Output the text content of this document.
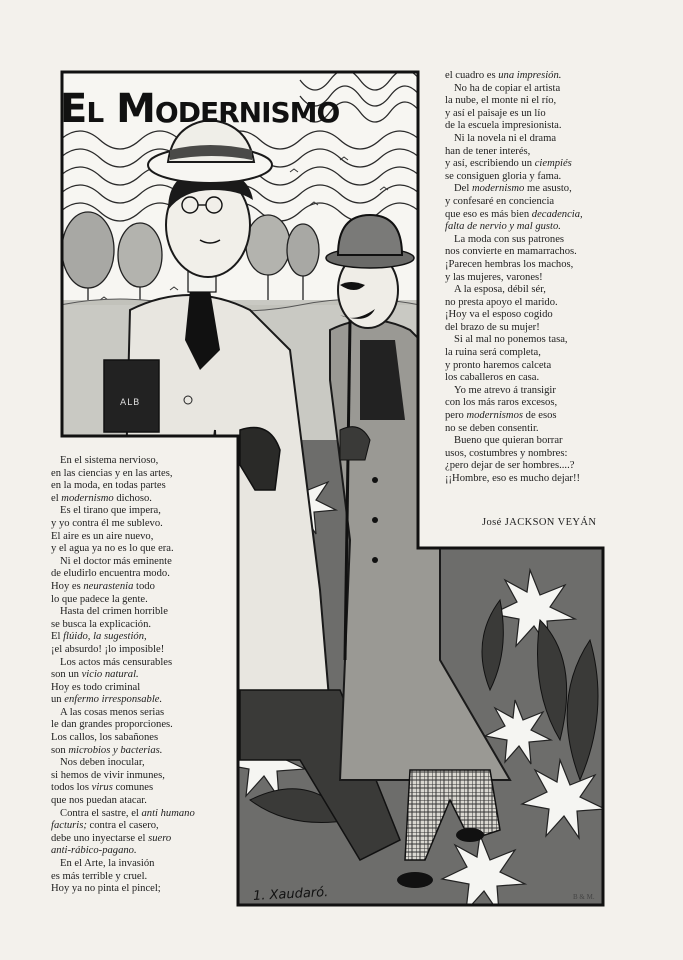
El Modernismo
ALB
1. Xaudaró.	B & M.
el cuadro es una impresión.
No ha de copiar el artista
la nube, el monte ni el río,
y así el paisaje es un lío
de la escuela impresionista.
Ni la novela ni el drama
han de tener interés,
y así, escribiendo un ciempiés
se consiguen gloria y fama.
Del modernismo me asusto,
y confesaré en conciencia
que eso es más bien decadencia,
falta de nervio y mal gusto.
La moda con sus patrones
nos convierte en mamarrachos.
¡Parecen hembras los machos,
y las mujeres, varones!
A la esposa, débil sér,
no presta apoyo el marido.
¡Hoy va el esposo cogido
del brazo de su mujer!
Si al mal no ponemos tasa,
la ruina será completa,
y pronto haremos calceta
los caballeros en casa.
Yo me atrevo á transigir
con los más raros excesos,
pero modernismos de esos
no se deben consentir.
Bueno que quieran borrar
usos, costumbres y nombres:
¿pero dejar de ser hombres....?
¡¡Hombre, eso es mucho dejar!!
En el sistema nervioso,
en las ciencias y en las artes,
en la moda, en todas partes
el modernismo dichoso.
Es el tirano que impera,
y yo contra él me sublevo.
El aire es un aire nuevo,
y el agua ya no es lo que era.
Ni el doctor más eminente
de eludirlo encuentra modo.
Hoy es neurastenia todo
lo que padece la gente.
Hasta del crimen horrible
se busca la explicación.
El flúido, la sugestión,
¡el absurdo! ¡lo imposible!
Los actos más censurables
son un vicio natural.
Hoy es todo criminal
un enfermo irresponsable.
A las cosas menos serias
le dan grandes proporciones.
Los callos, los sabañones
son microbios y bacterias.
Nos deben inocular,
si hemos de vivir inmunes,
todos los virus comunes
que nos puedan atacar.
Contra el sastre, el anti humano
facturis; contra el casero,
debe uno inyectarse el suero
anti-rábico-pagano.
En el Arte, la invasión
es más terrible y cruel.
Hoy ya no pinta el pincel;
José JACKSON VEYÁN
